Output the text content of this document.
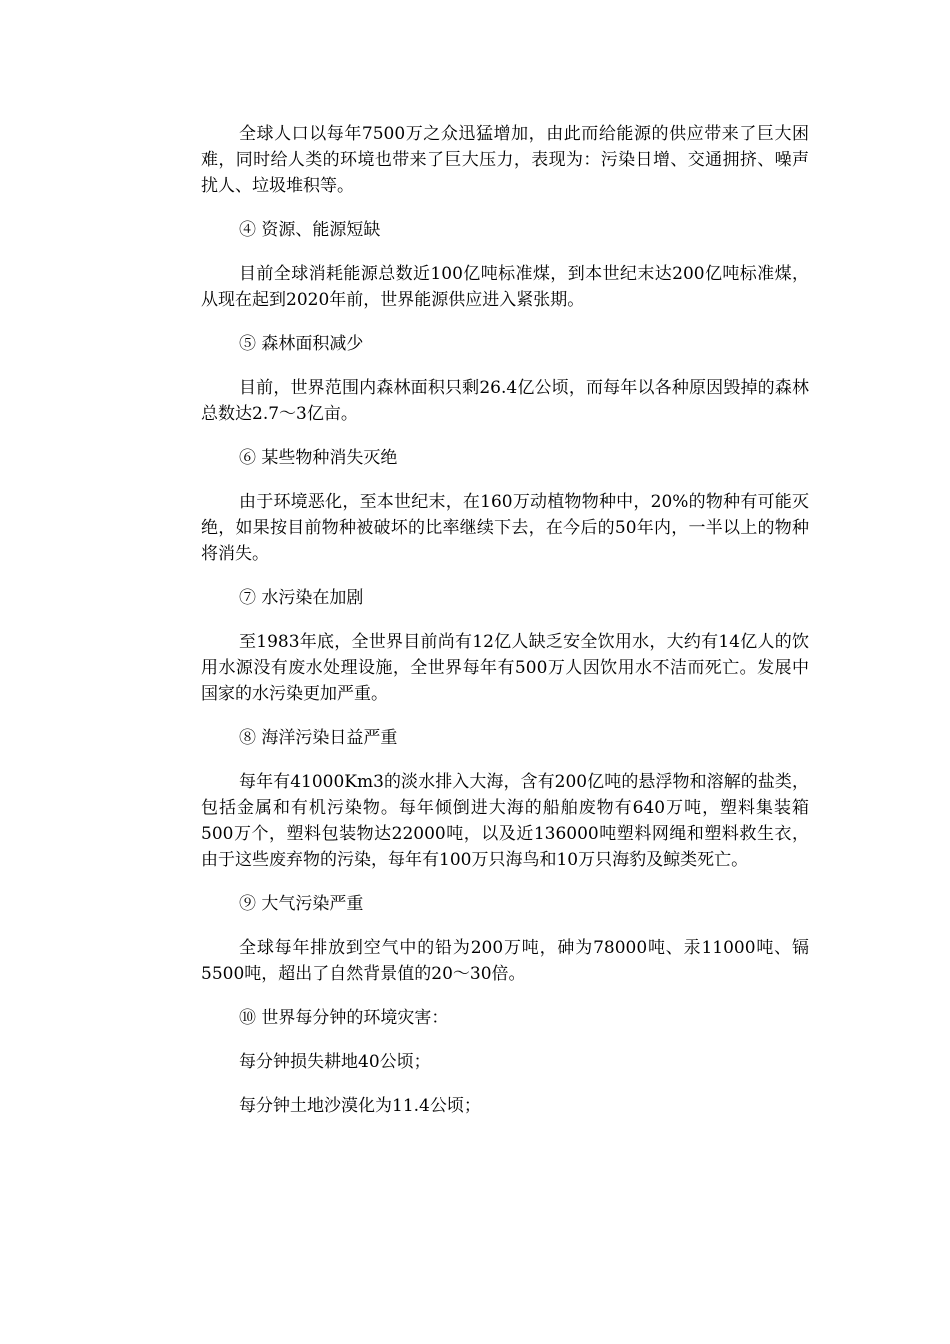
全球人口以每年7500万之众迅猛增加，由此而给能源的供应带来了巨大困难，同时给人类的环境也带来了巨大压力，表现为：污染日增、交通拥挤、噪声扰人、垃圾堆积等。

④ 资源、能源短缺

目前全球消耗能源总数近100亿吨标准煤，到本世纪末达200亿吨标准煤，从现在起到2020年前，世界能源供应进入紧张期。

⑤ 森林面积减少

目前，世界范围内森林面积只剩26.4亿公顷，而每年以各种原因毁掉的森林总数达2.7～3亿亩。

⑥ 某些物种消失灭绝

由于环境恶化，至本世纪末，在160万动植物物种中，20%的物种有可能灭绝，如果按目前物种被破坏的比率继续下去，在今后的50年内，一半以上的物种将消失。

⑦ 水污染在加剧

至1983年底，全世界目前尚有12亿人缺乏安全饮用水，大约有14亿人的饮用水源没有废水处理设施，全世界每年有500万人因饮用水不洁而死亡。发展中国家的水污染更加严重。

⑧ 海洋污染日益严重

每年有41000Km3的淡水排入大海，含有200亿吨的悬浮物和溶解的盐类，包括金属和有机污染物。每年倾倒进大海的船舶废物有640万吨，塑料集装箱500万个，塑料包装物达22000吨，以及近136000吨塑料网绳和塑料救生衣，由于这些废弃物的污染，每年有100万只海鸟和10万只海豹及鲸类死亡。

⑨ 大气污染严重

全球每年排放到空气中的铅为200万吨，砷为78000吨、汞11000吨、镉5500吨，超出了自然背景值的20～30倍。

⑩ 世界每分钟的环境灾害：

每分钟损失耕地40公顷；

每分钟土地沙漠化为11.4公顷；
